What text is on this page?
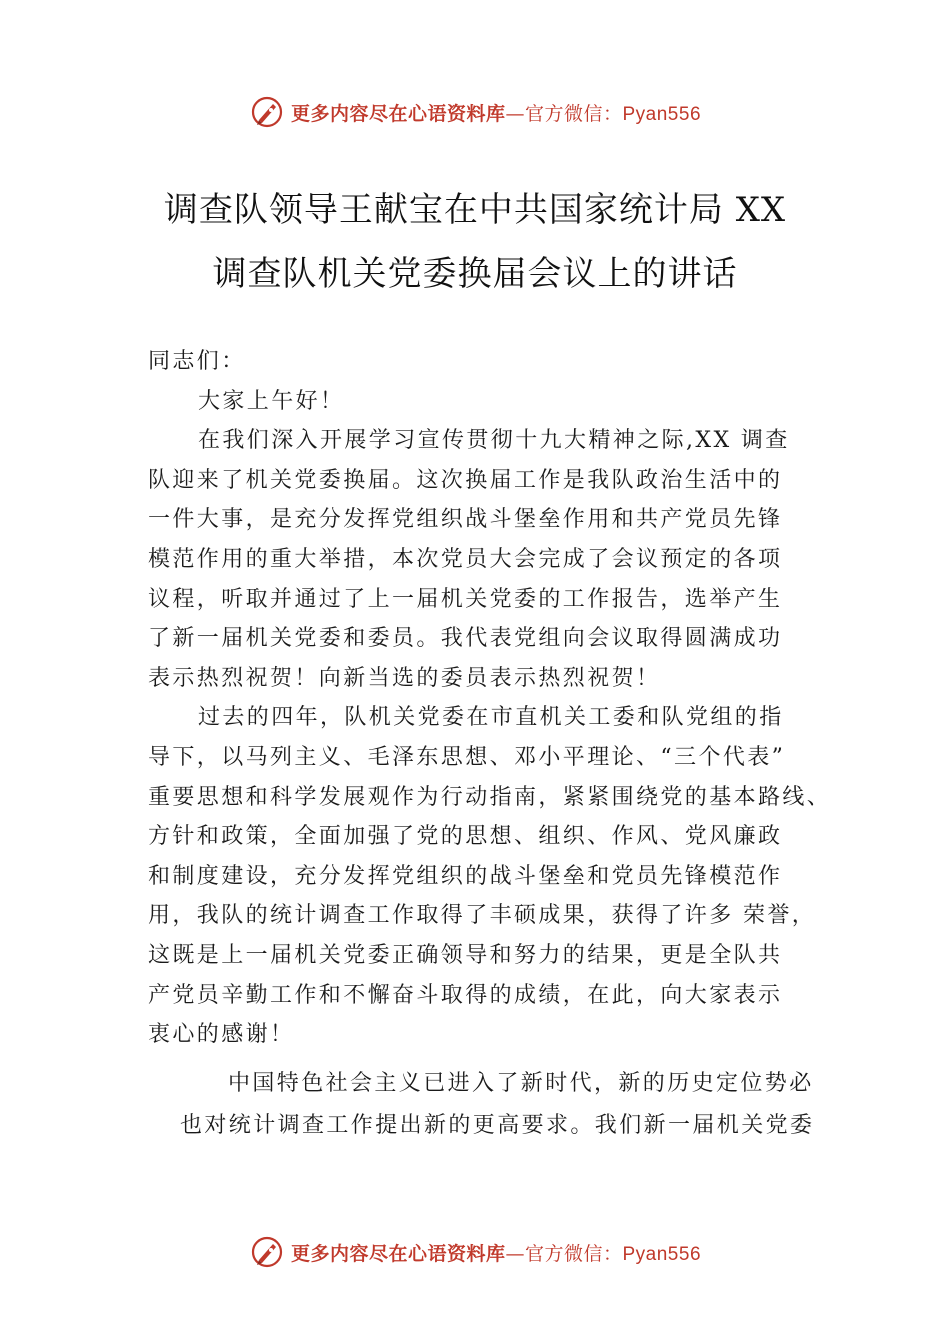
更多内容尽在心语资料库—官方微信：Pyan556
调查队领导王献宝在中共国家统计局 XX
调查队机关党委换届会议上的讲话
同志们：
大家上午好！

在我们深入开展学习宣传贯彻十九大精神之际,XX 调查
队迎来了机关党委换届。这次换届工作是我队政治生活中的
一件大事，是充分发挥党组织战斗堡垒作用和共产党员先锋
模范作用的重大举措，本次党员大会完成了会议预定的各项
议程，听取并通过了上一届机关党委的工作报告，选举产生
了新一届机关党委和委员。我代表党组向会议取得圆满成功
表示热烈祝贺！向新当选的委员表示热烈祝贺！

过去的四年，队机关党委在市直机关工委和队党组的指
导下，以马列主义、毛泽东思想、邓小平理论、“三个代表”
重要思想和科学发展观作为行动指南，紧紧围绕党的基本路线、
方针和政策，全面加强了党的思想、组织、作风、党风廉政
和制度建设，充分发挥党组织的战斗堡垒和党员先锋模范作
用，我队的统计调查工作取得了丰硕成果，获得了许多 荣誉，
这既是上一届机关党委正确领导和努力的结果，更是全队共
产党员辛勤工作和不懈奋斗取得的成绩，在此，向大家表示
衷心的感谢！

中国特色社会主义已进入了新时代，新的历史定位势必
也对统计调查工作提出新的更高要求。我们新一届机关党委
更多内容尽在心语资料库—官方微信：Pyan556
